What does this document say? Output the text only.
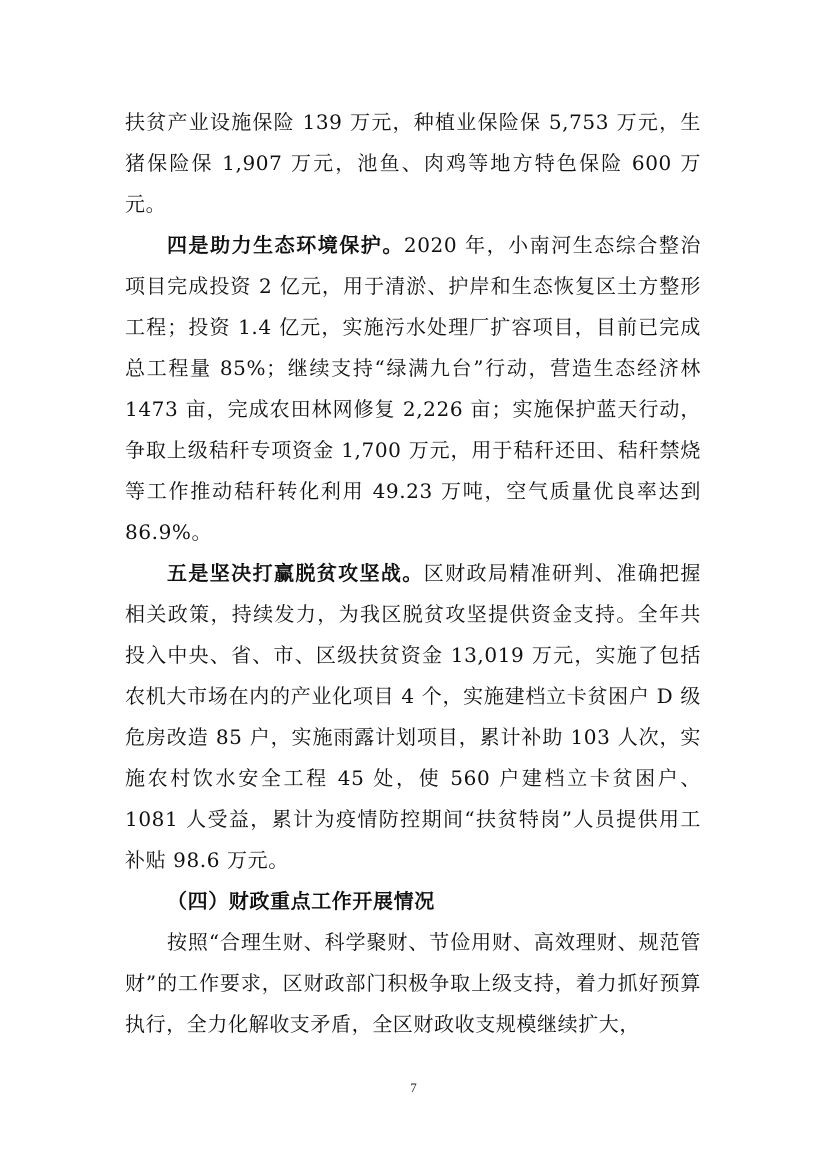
扶贫产业设施保险 139 万元，种植业保险保 5,753 万元，生猪保险保 1,907 万元，池鱼、肉鸡等地方特色保险 600 万元。

四是助力生态环境保护。2020 年，小南河生态综合整治项目完成投资 2 亿元，用于清淤、护岸和生态恢复区土方整形工程；投资 1.4 亿元，实施污水处理厂扩容项目，目前已完成总工程量 85%；继续支持“绿满九台”行动，营造生态经济林 1473 亩，完成农田林网修复 2,226 亩；实施保护蓝天行动，争取上级秸秆专项资金 1,700 万元，用于秸秆还田、秸秆禁烧等工作推动秸秆转化利用 49.23 万吨，空气质量优良率达到 86.9%。

五是坚决打赢脱贫攻坚战。区财政局精准研判、准确把握相关政策，持续发力，为我区脱贫攻坚提供资金支持。全年共投入中央、省、市、区级扶贫资金 13,019 万元，实施了包括农机大市场在内的产业化项目 4 个，实施建档立卡贫困户 D 级危房改造 85 户，实施雨露计划项目，累计补助 103 人次，实施农村饮水安全工程 45 处，使 560 户建档立卡贫困户、1081 人受益，累计为疫情防控期间“扶贫特岗”人员提供用工补贴 98.6 万元。

（四）财政重点工作开展情况

按照“合理生财、科学聚财、节俭用财、高效理财、规范管财”的工作要求，区财政部门积极争取上级支持，着力抓好预算执行，全力化解收支矛盾，全区财政收支规模继续扩大，

7
